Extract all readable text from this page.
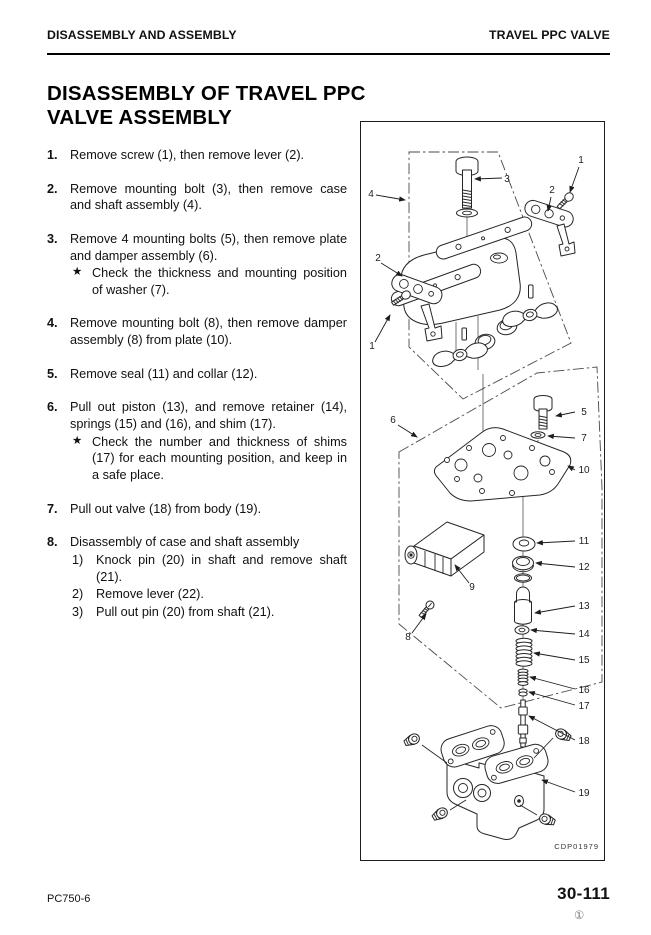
DISASSEMBLY AND ASSEMBLY	TRAVEL PPC VALVE
DISASSEMBLY OF TRAVEL PPC
VALVE ASSEMBLY
1. Remove screw (1), then remove lever (2).
2. Remove mounting bolt (3), then remove case and shaft assembly (4).
3. Remove 4 mounting bolts (5), then remove plate and damper assembly (6).
★ Check the thickness and mounting position of washer (7).
4. Remove mounting bolt (8), then remove damper assembly (8) from plate (10).
5. Remove seal (11) and collar (12).
6. Pull out piston (13), and remove retainer (14), springs (15) and (16), and shim (17).
★ Check the number and thickness of shims (17) for each mounting position, and keep in a safe place.
7. Pull out valve (18) from body (19).
8. Disassembly of case and shaft assembly
1)	Knock pin (20) in shaft and remove shaft (21).
2)	Remove lever (22).
3)	Pull out pin (20) from shaft (21).
3
1
2
4
2
1
5
7
6
10
9
8
11
12
13
14
15
16
17
18
19
CDP01979
PC750-6	30-111
①
